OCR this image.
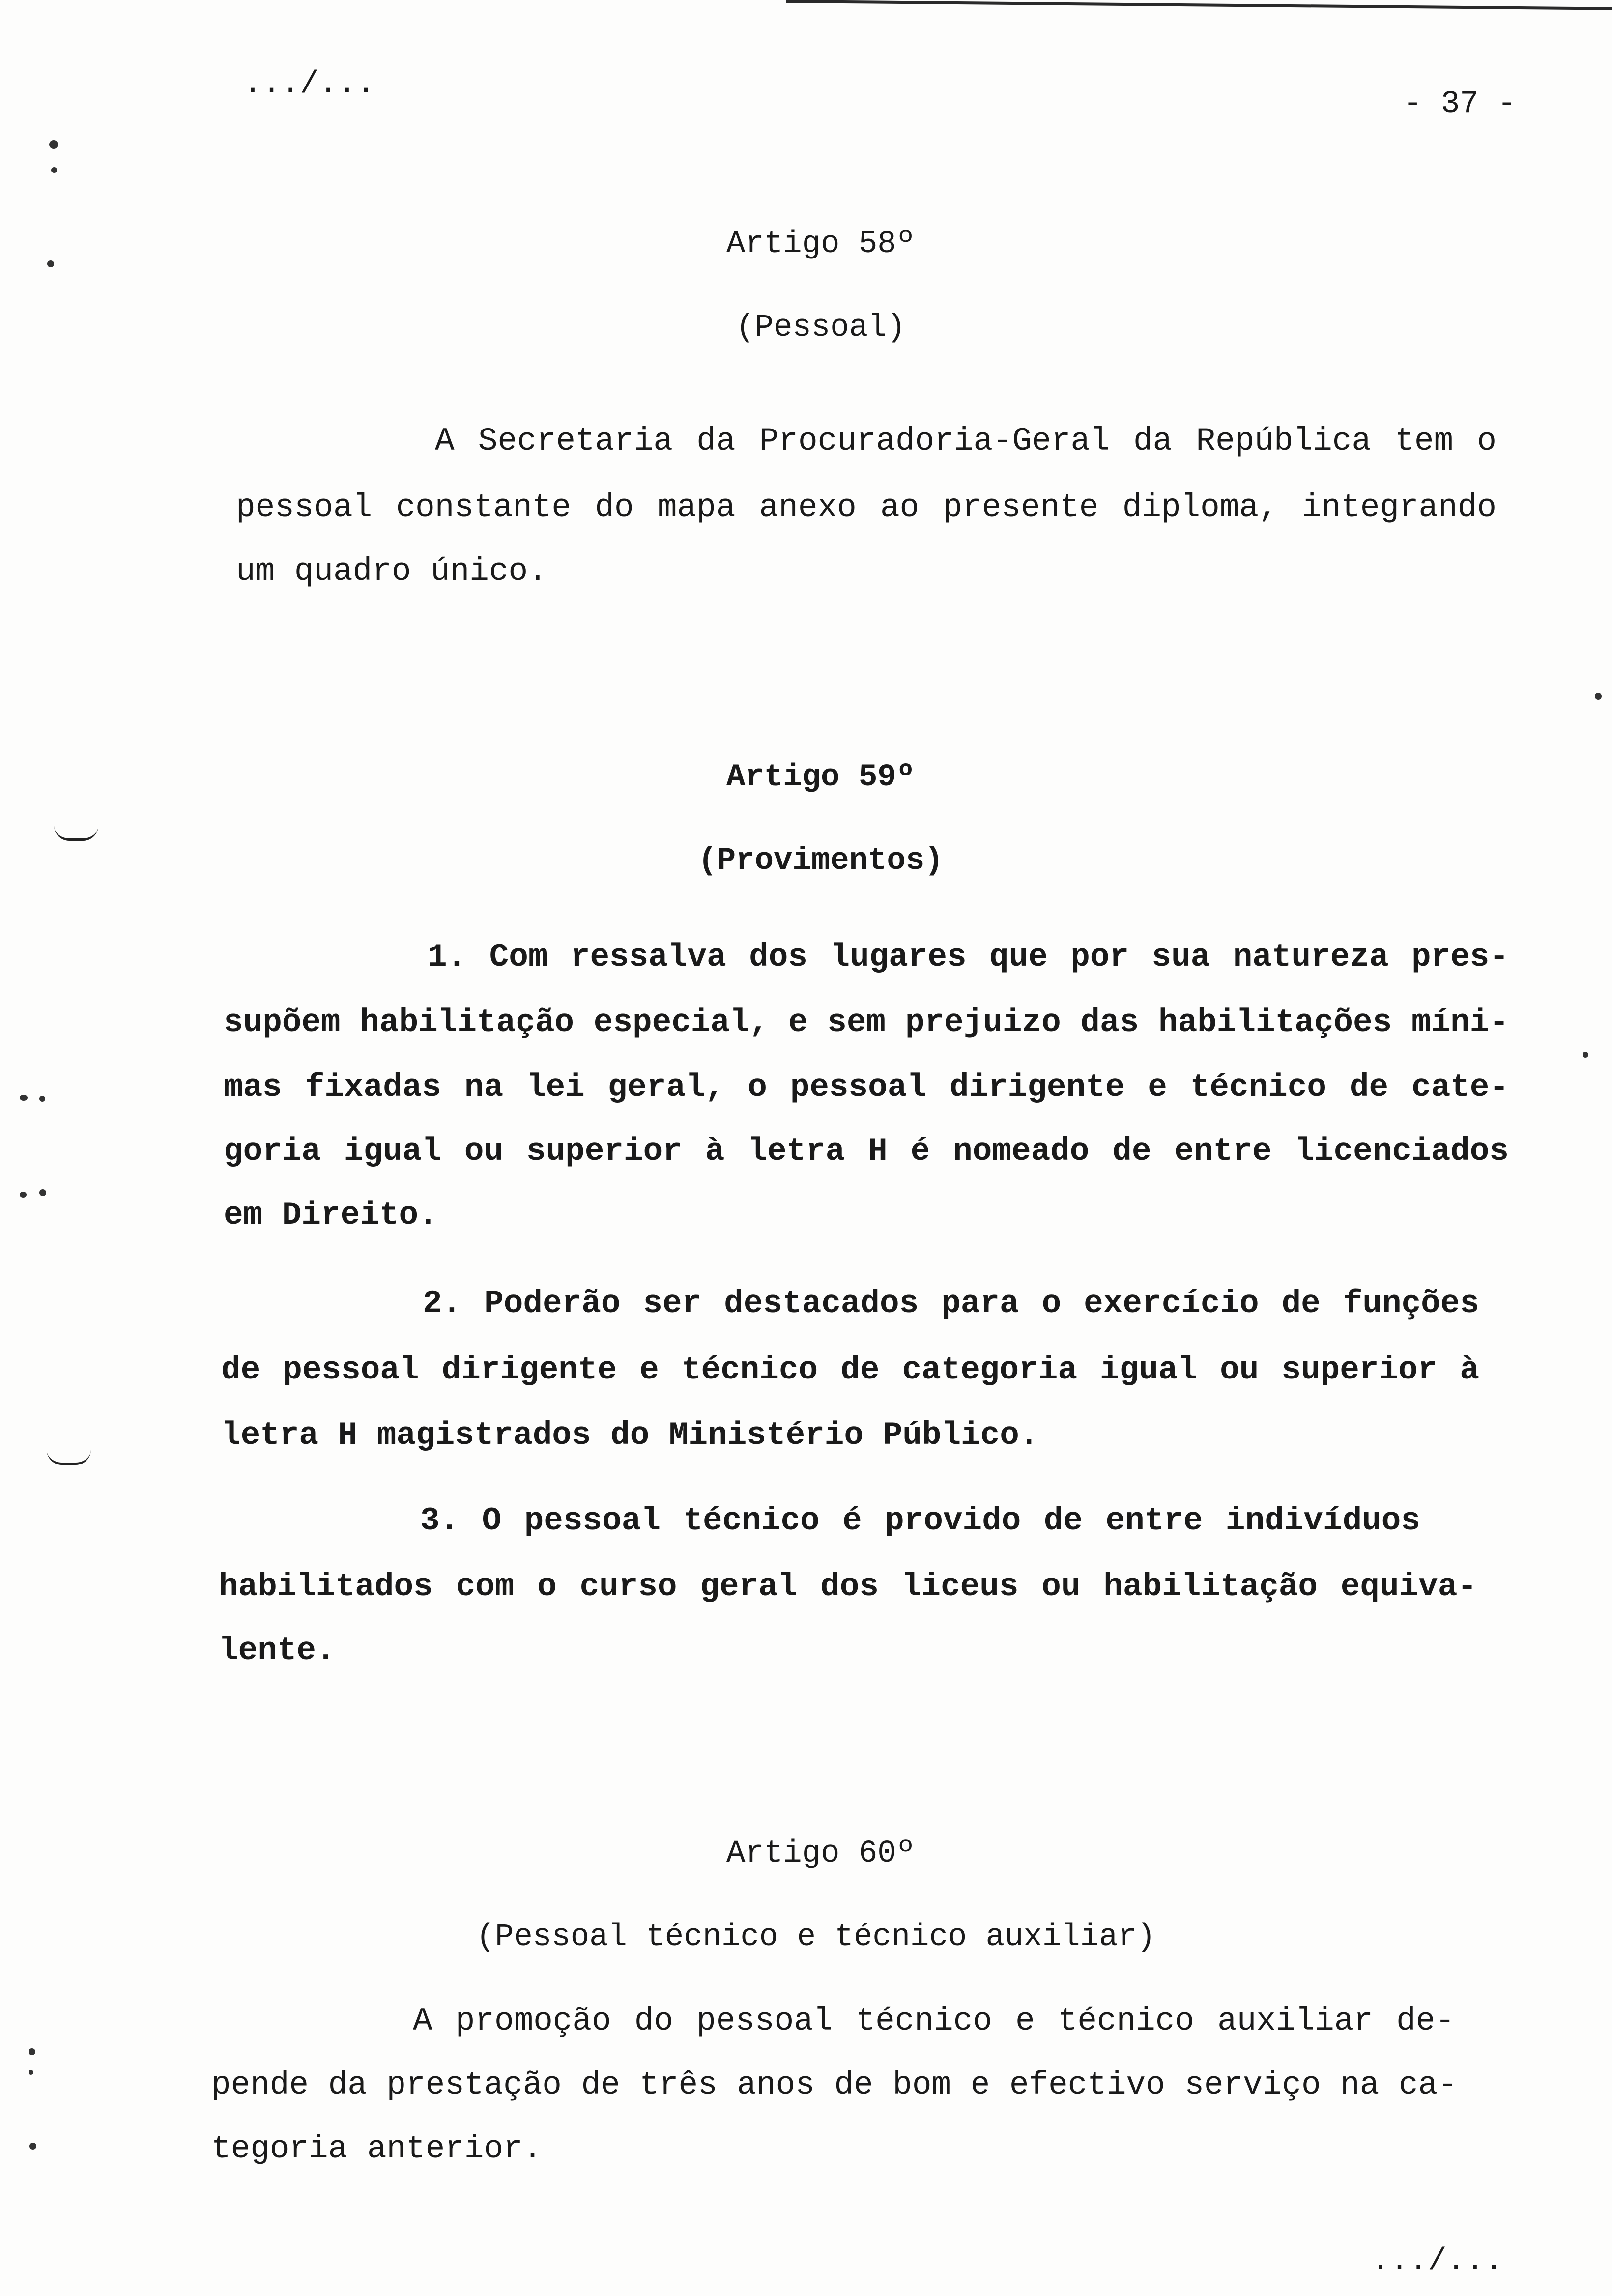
.../...
- 37 -
Artigo 58º
(Pessoal)
A Secretaria da Procuradoria-Geral da República tem o
pessoal constante do mapa anexo ao presente diploma, integrando
um quadro único.
Artigo 59º
(Provimentos)
1. Com ressalva dos lugares que por sua natureza pres-
supõem habilitação especial, e sem prejuizo das habilitações míni-
mas fixadas na lei geral, o pessoal dirigente e técnico de cate-
goria igual ou superior à letra H é nomeado de entre licenciados
em Direito.
2. Poderão ser destacados para o exercício de funções
de pessoal dirigente e técnico de categoria igual ou superior à
letra H magistrados do Ministério Público.
3. O pessoal técnico é provido de entre indivíduos
habilitados com o curso geral dos liceus ou habilitação equiva-
lente.
Artigo 60º
(Pessoal técnico e técnico auxiliar)
A promoção do pessoal técnico e técnico auxiliar de-
pende da prestação de três anos de bom e efectivo serviço na ca-
tegoria anterior.
.../...
